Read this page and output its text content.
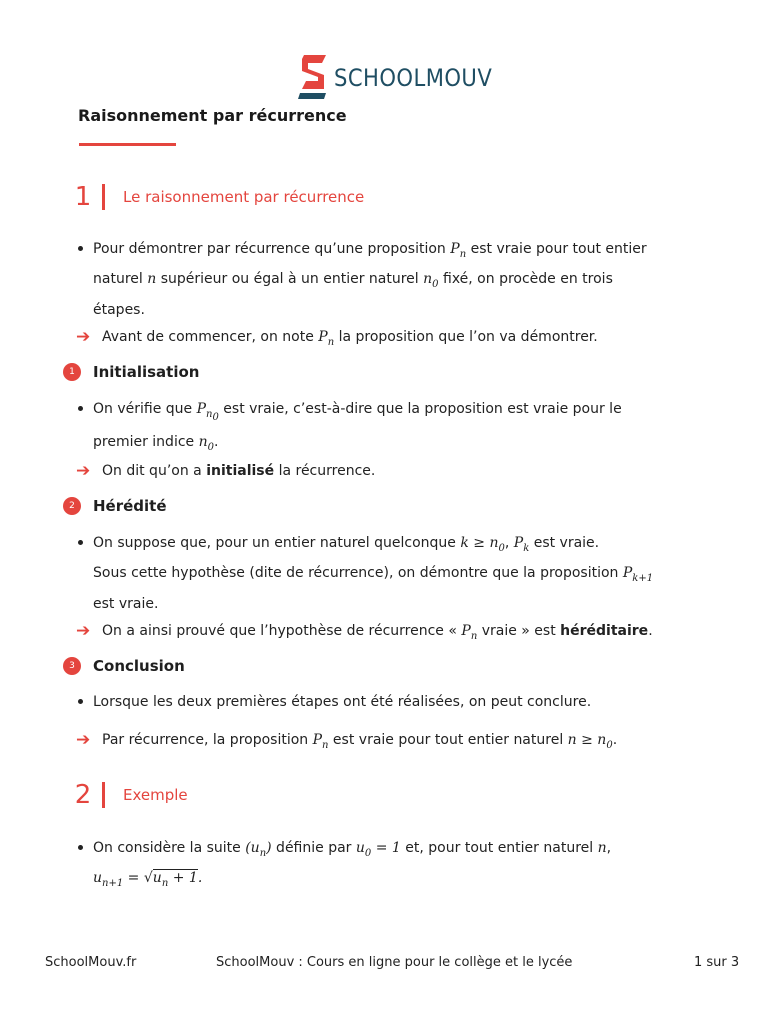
SCHOOLMOUV
Raisonnement par récurrence
1	Le raisonnement par récurrence
Pour démontrer par récurrence qu’une proposition $P_n$ est vraie pour tout entier
naturel n supérieur ou égal à un entier naturel $n_0$ fixé, on procède en trois
étapes.
➔ Avant de commencer, on note $P_n$ la proposition que l’on va démontrer.
1	Initialisation
On vérifie que $P_{n_0}$ est vraie, c’est-à-dire que la proposition est vraie pour le
premier indice $n_0$.
➔ On dit qu’on a initialisé la récurrence.
2	Hérédité
On suppose que, pour un entier naturel quelconque $k \ge n_0$, $P_k$ est vraie.
Sous cette hypothèse (dite de récurrence), on démontre que la proposition $P_{k+1}$
est vraie.
➔ On a ainsi prouvé que l’hypothèse de récurrence « $P_n$ vraie » est héréditaire.
3	Conclusion
Lorsque les deux premières étapes ont été réalisées, on peut conclure.
➔ Par récurrence, la proposition $P_n$ est vraie pour tout entier naturel $n \ge n_0$.
2	Exemple
On considère la suite $(u_n)$ définie par $u_0 = 1$ et, pour tout entier naturel n,
$u_{n+1} = √u_n + 1$.
SchoolMouv.fr	SchoolMouv : Cours en ligne pour le collège et le lycée	1 sur 3
